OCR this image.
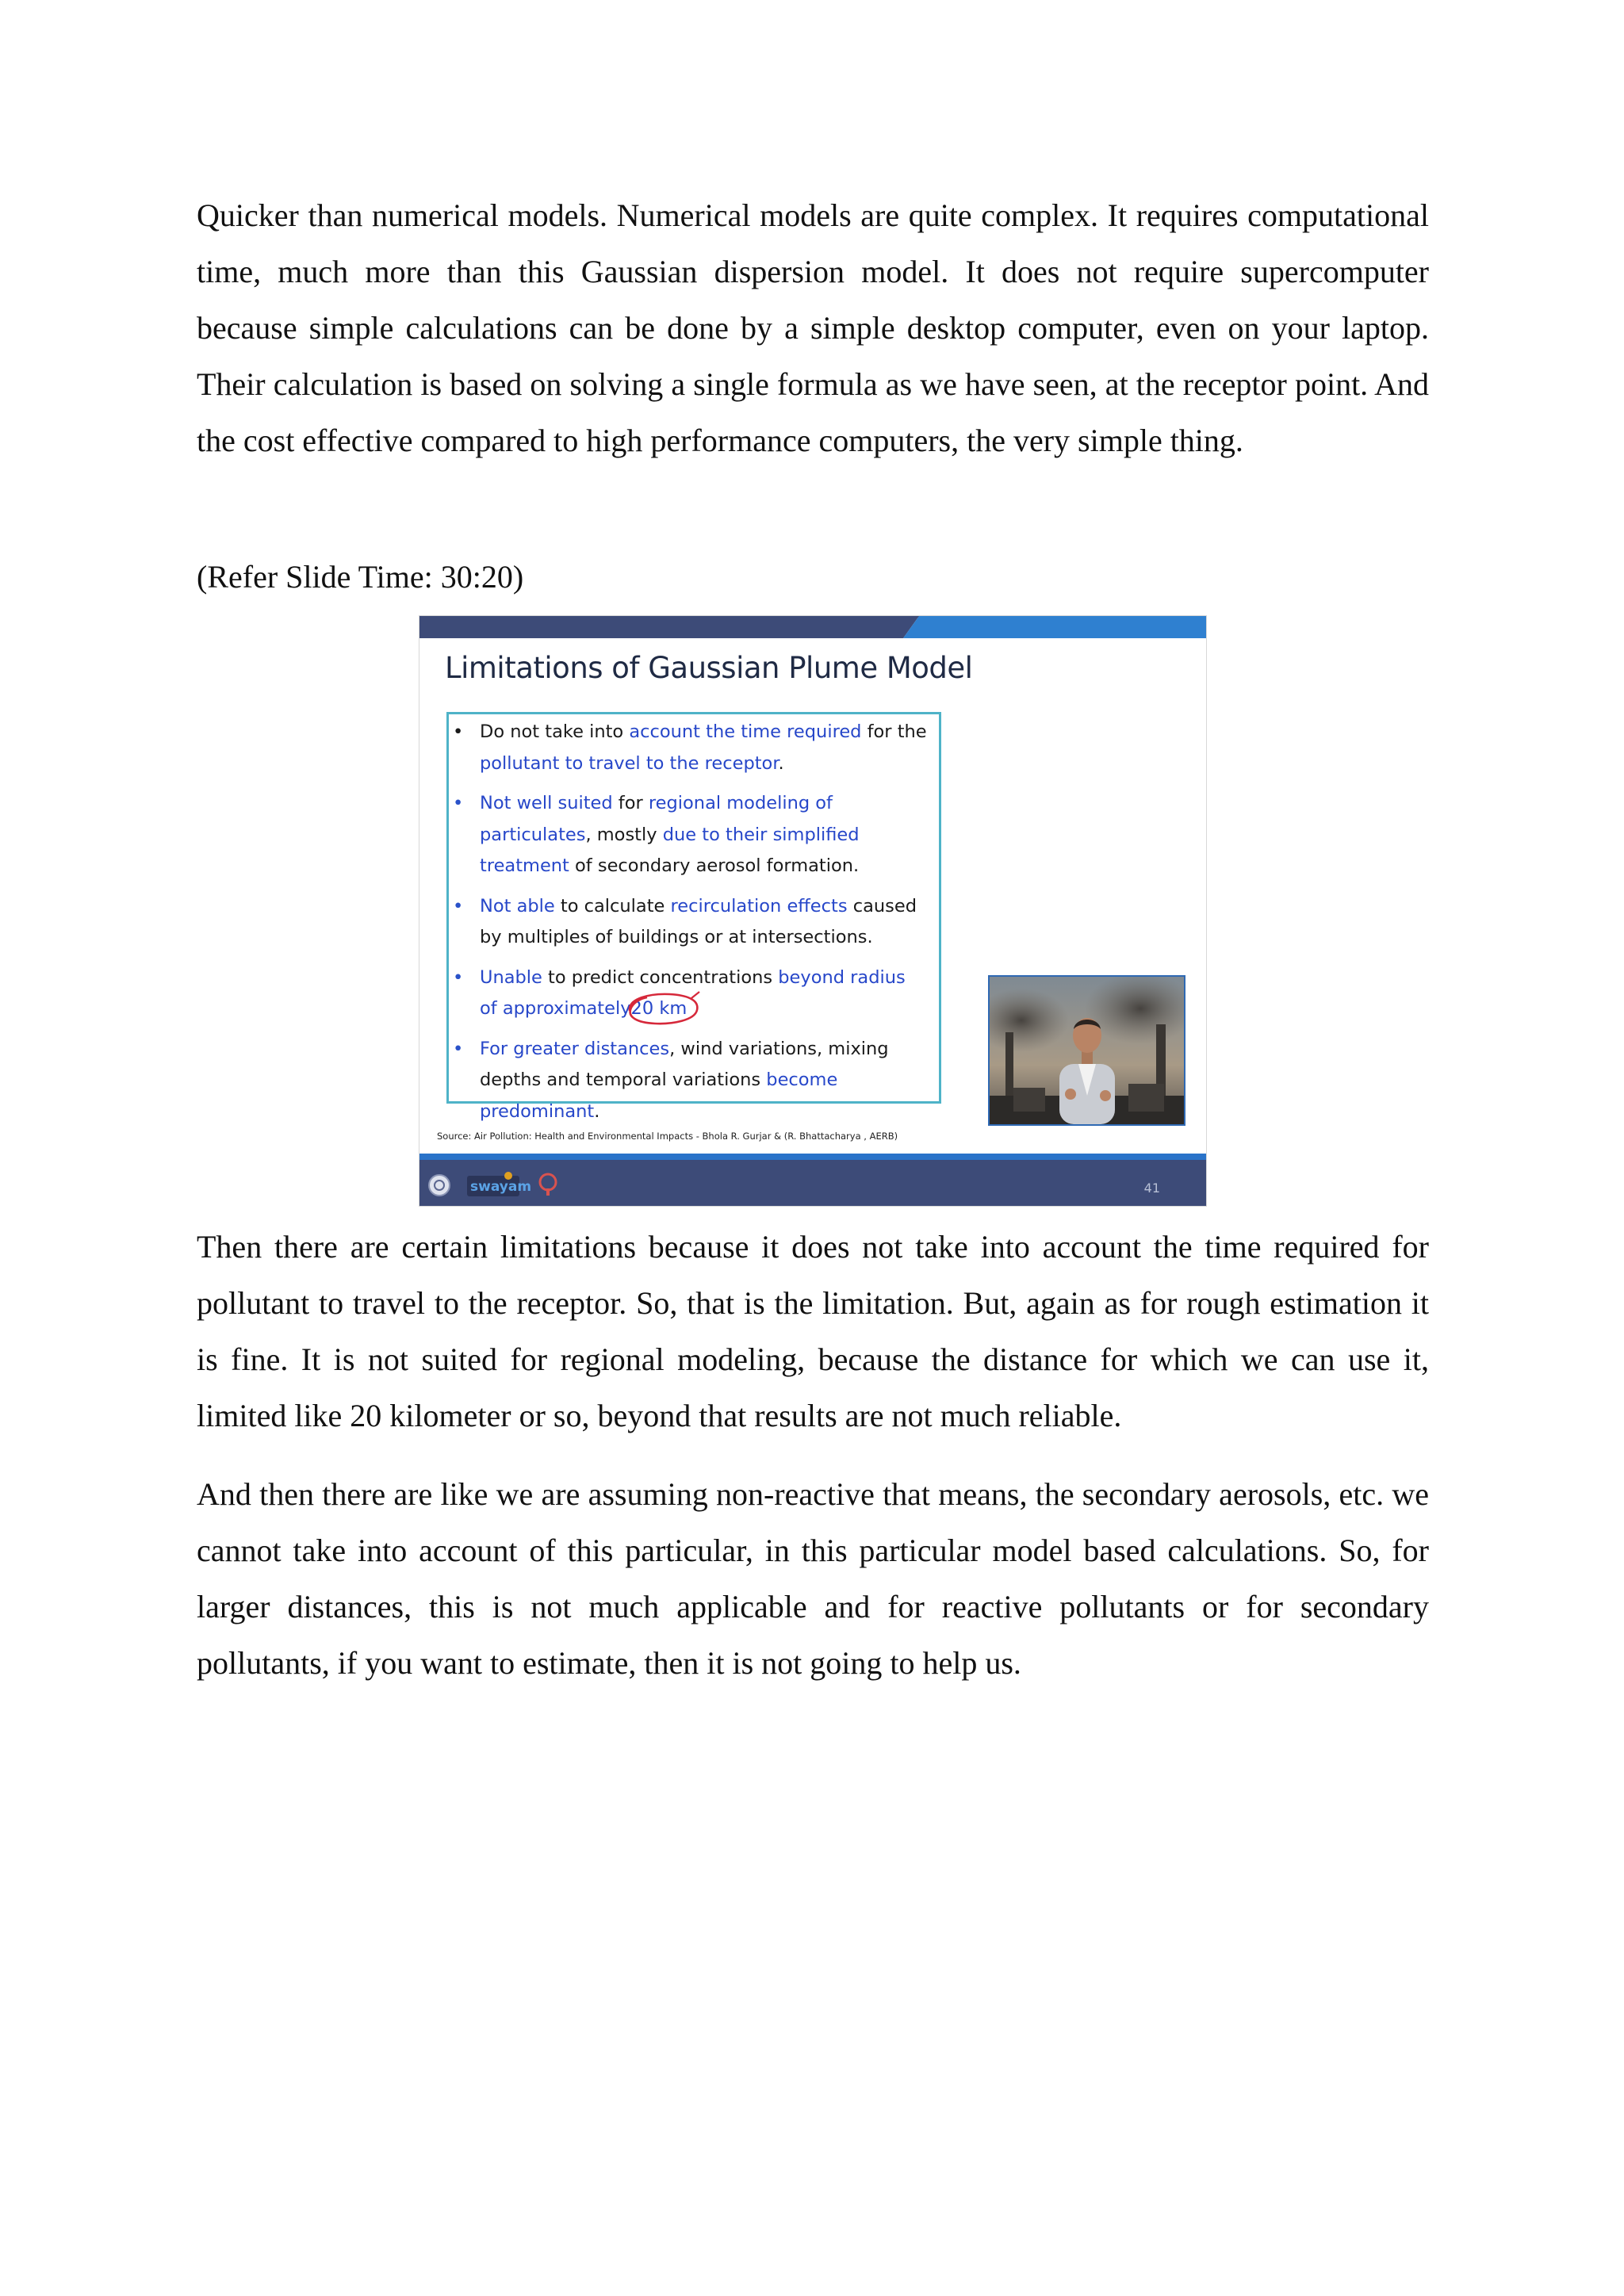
Quicker than numerical models. Numerical models are quite complex. It requires computational time, much more than this Gaussian dispersion model. It does not require supercomputer because simple calculations can be done by a simple desktop computer, even on your laptop. Their calculation is based on solving a single formula as we have seen, at the receptor point. And the cost effective compared to high performance computers, the very simple thing.

(Refer Slide Time: 30:20)

Limitations of Gaussian Plume Model
• Do not take into account the time required for the pollutant to travel to the receptor.
• Not well suited for regional modeling of particulates, mostly due to their simplified treatment of secondary aerosol formation.
• Not able to calculate recirculation effects caused by multiples of buildings or at intersections.
• Unable to predict concentrations beyond radius of approximately
20 km
• For greater distances, wind variations, mixing depths and temporal variations become predominant.
Source: Air Pollution: Health and Environmental Impacts - Bhola R. Gurjar & (R. Bhattacharya , AERB)
swayam	41

Then there are certain limitations because it does not take into account the time required for pollutant to travel to the receptor. So, that is the limitation. But, again as for rough estimation it is fine. It is not suited for regional modeling, because the distance for which we can use it, limited like 20 kilometer or so, beyond that results are not much reliable.

And then there are like we are assuming non-reactive that means, the secondary aerosols, etc. we cannot take into account of this particular, in this particular model based calculations. So, for larger distances, this is not much applicable and for reactive pollutants or for secondary pollutants, if you want to estimate, then it is not going to help us.
